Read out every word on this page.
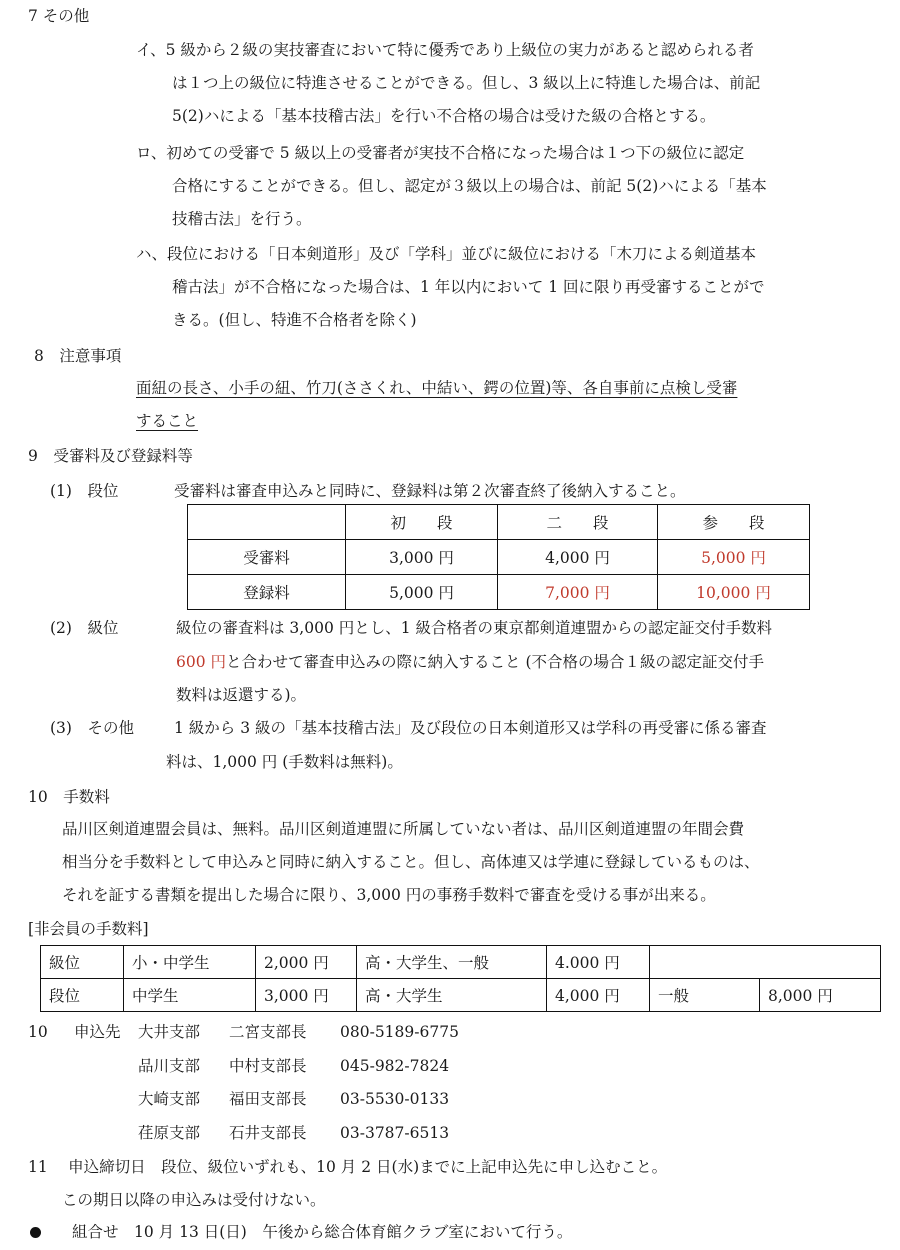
7 その他
イ、5 級から２級の実技審査において特に優秀であり上級位の実力があると認められる者
は１つ上の級位に特進させることができる。但し、3 級以上に特進した場合は、前記
5(2)ハによる「基本技稽古法」を行い不合格の場合は受けた級の合格とする。
ロ、初めての受審で 5 級以上の受審者が実技不合格になった場合は１つ下の級位に認定
合格にすることができる。但し、認定が３級以上の場合は、前記 5(2)ハによる「基本
技稽古法」を行う。
ハ、段位における「日本剣道形」及び「学科」並びに級位における「木刀による剣道基本
稽古法」が不合格になった場合は、1 年以内において 1 回に限り再受審することがで
きる。(但し、特進不合格者を除く)
8　注意事項
面紐の長さ、小手の紐、竹刀(ささくれ、中結い、鍔の位置)等、各自事前に点検し受審
すること
9　受審料及び登録料等
(1)　段位	受審料は審査申込みと同時に、登録料は第２次審査終了後納入すること。
	初　　段	二　　段	参　　段
受審料	3,000 円	4,000 円	5,000 円
登録料	5,000 円	7,000 円	10,000 円
(2)　級位	級位の審査料は 3,000 円とし、1 級合格者の東京都剣道連盟からの認定証交付手数料
600 円と合わせて審査申込みの際に納入すること (不合格の場合１級の認定証交付手
数料は返還する)。
(3)　その他	1 級から 3 級の「基本技稽古法」及び段位の日本剣道形又は学科の再受審に係る審査
料は、1,000 円 (手数料は無料)。
10　手数料
品川区剣道連盟会員は、無料。品川区剣道連盟に所属していない者は、品川区剣道連盟の年間会費
相当分を手数料として申込みと同時に納入すること。但し、高体連又は学連に登録しているものは、
それを証する書類を提出した場合に限り、3,000 円の事務手数料で審査を受ける事が出来る。
[非会員の手数料]
級位	小・中学生	2,000 円	高・大学生、一般	4.000 円		
段位	中学生	3,000 円	高・大学生	4,000 円	一般	8,000 円
10 申込先 大井支部 二宮支部長 080-5189-6775
品川支部 中村支部長 045-982-7824
大崎支部 福田支部長 03-5530-0133
荏原支部 石井支部長 03-3787-6513
11　 申込締切日　段位、級位いずれも、10 月 2 日(水)までに上記申込先に申し込むこと。
この期日以降の申込みは受付けない。
組合せ　10 月 13 日(日)　午後から総合体育館クラブ室において行う。
